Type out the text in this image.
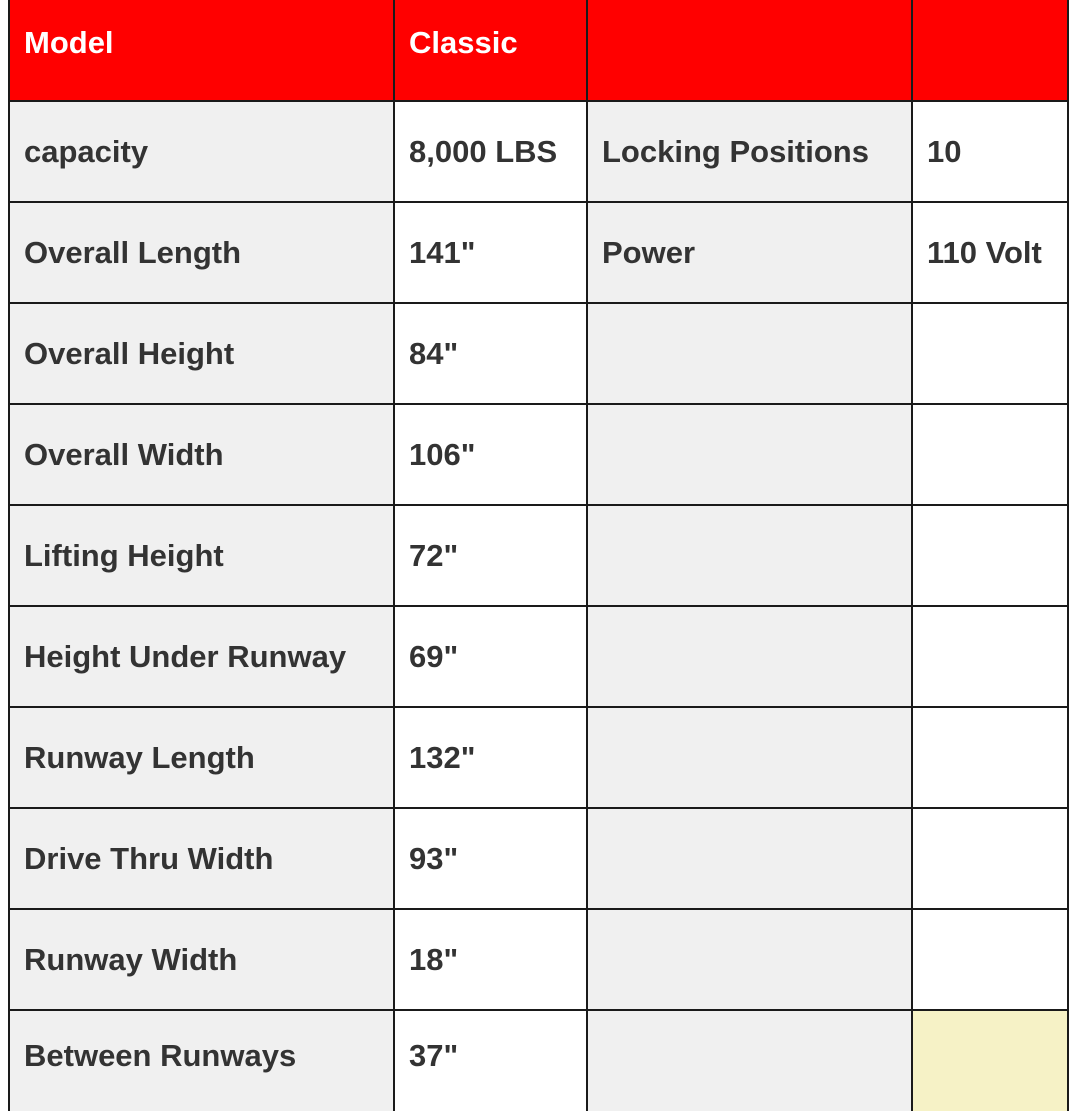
Model	Classic		
capacity	8,000 LBS	Locking Positions	10
Overall Length	141"	Power	110 Volt
Overall Height	84"		
Overall Width	106"		
Lifting Height	72"		
Height Under Runway	69"		
Runway Length	132"		
Drive Thru Width	93"		
Runway Width	18"		
Between Runways	37"		
